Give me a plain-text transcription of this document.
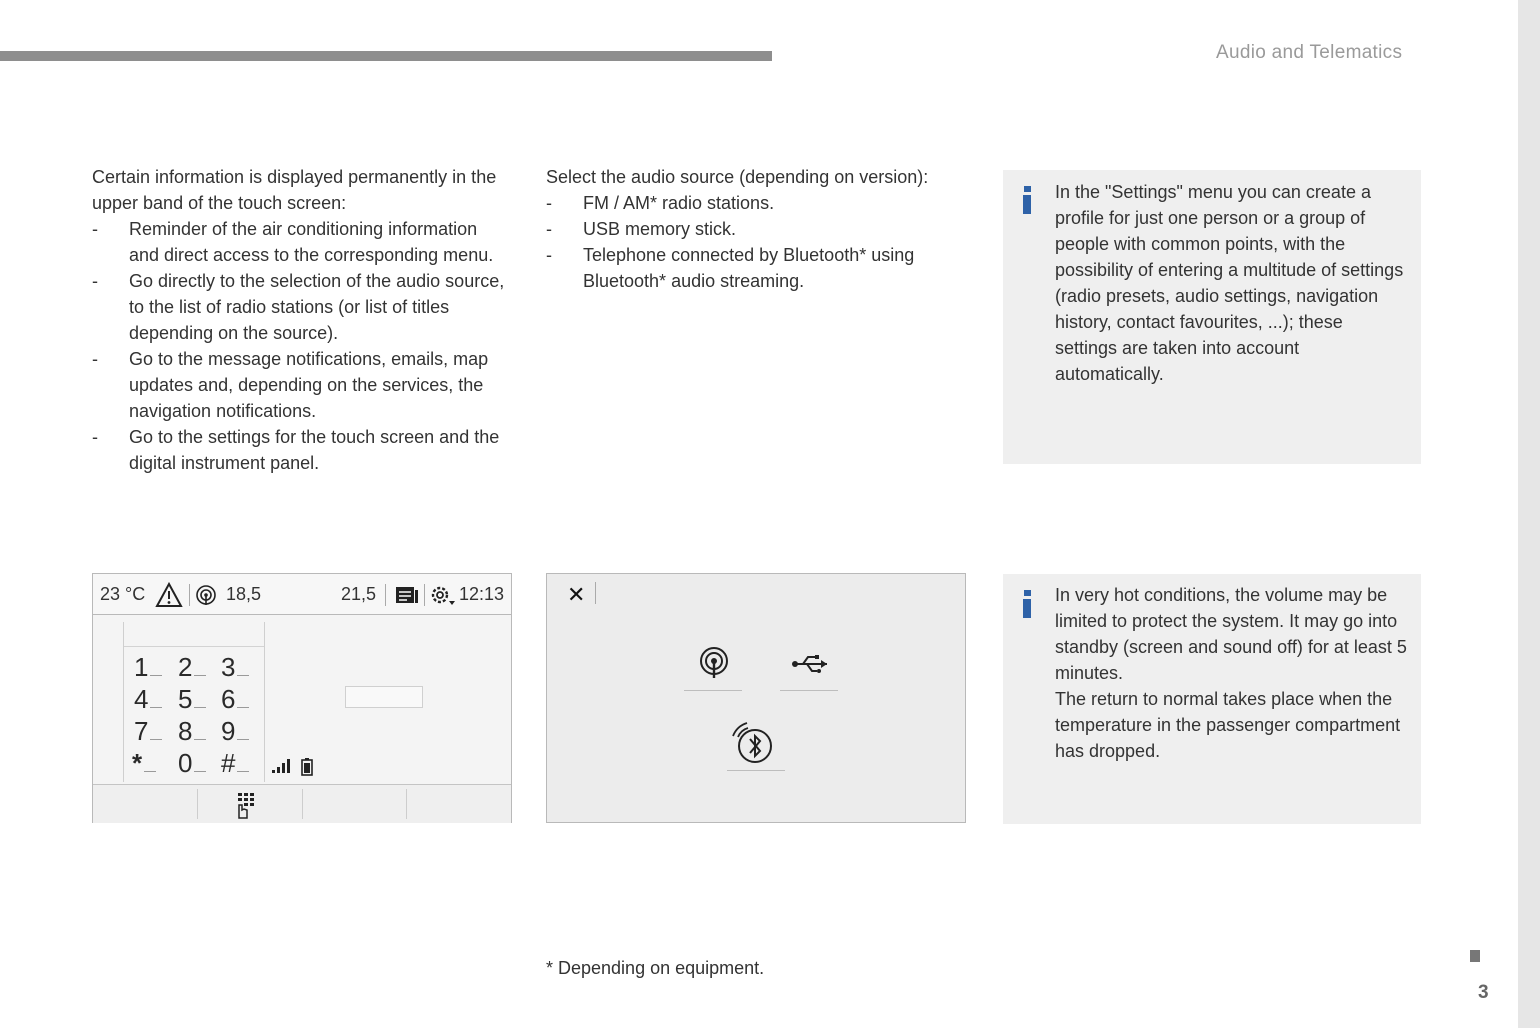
Audio and Telematics

Certain information is displayed permanently in the upper band of the touch screen:

- Reminder of the air conditioning information and direct access to the corresponding menu.
- Go directly to the selection of the audio source, to the list of radio stations (or list of titles depending on the source).
- Go to the message notifications, emails, map updates and, depending on the services, the navigation notifications.
- Go to the settings for the touch screen and the digital instrument panel.

Select the audio source (depending on version):

- FM / AM* radio stations.
- USB memory stick.
- Telephone connected by Bluetooth* using Bluetooth* audio streaming.

In the "Settings" menu you can create a profile for just one person or a group of people with common points, with the possibility of entering a multitude of settings (radio presets, audio settings, navigation history, contact favourites, ...); these settings are taken into account automatically.

In very hot conditions, the volume may be limited to protect the system. It may go into standby (screen and sound off) for at least 5 minutes.

The return to normal takes place when the temperature in the passenger compartment has dropped.

23 °C	18,5	21,5	12:13
1	2	3
4	5	6
7	8	9
*	0	#
✕
* Depending on equipment.
3
